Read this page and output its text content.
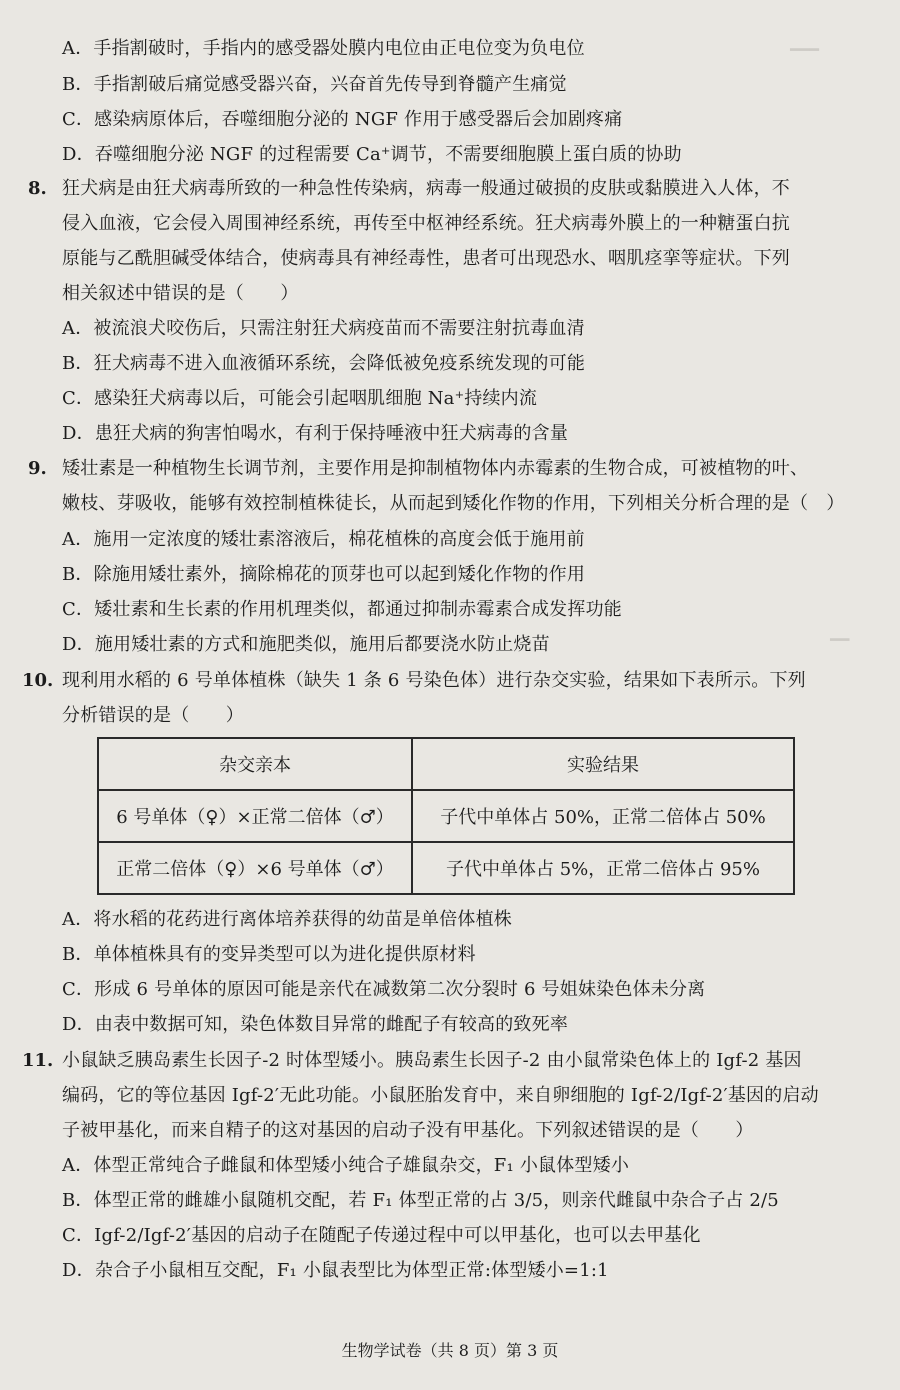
━━━
━━
A．手指割破时，手指内的感受器处膜内电位由正电位变为负电位
B．手指割破后痛觉感受器兴奋，兴奋首先传导到脊髓产生痛觉
C．感染病原体后，吞噬细胞分泌的 NGF 作用于感受器后会加剧疼痛
D．吞噬细胞分泌 NGF 的过程需要 Ca⁺调节，不需要细胞膜上蛋白质的协助
8. 狂犬病是由狂犬病毒所致的一种急性传染病，病毒一般通过破损的皮肤或黏膜进入人体，不
侵入血液，它会侵入周围神经系统，再传至中枢神经系统。狂犬病毒外膜上的一种糖蛋白抗
原能与乙酰胆碱受体结合，使病毒具有神经毒性，患者可出现恐水、咽肌痉挛等症状。下列
相关叙述中错误的是（　　）
A．被流浪犬咬伤后，只需注射狂犬病疫苗而不需要注射抗毒血清
B．狂犬病毒不进入血液循环系统，会降低被免疫系统发现的可能
C．感染狂犬病毒以后，可能会引起咽肌细胞 Na⁺持续内流
D．患狂犬病的狗害怕喝水，有利于保持唾液中狂犬病毒的含量
9. 矮壮素是一种植物生长调节剂，主要作用是抑制植物体内赤霉素的生物合成，可被植物的叶、
嫩枝、芽吸收，能够有效控制植株徒长，从而起到矮化作物的作用，下列相关分析合理的是（　）
A．施用一定浓度的矮壮素溶液后，棉花植株的高度会低于施用前
B．除施用矮壮素外，摘除棉花的顶芽也可以起到矮化作物的作用
C．矮壮素和生长素的作用机理类似，都通过抑制赤霉素合成发挥功能
D．施用矮壮素的方式和施肥类似，施用后都要浇水防止烧苗
10. 现利用水稻的 6 号单体植株（缺失 1 条 6 号染色体）进行杂交实验，结果如下表所示。下列
分析错误的是（　　）
杂交亲本	实验结果
6 号单体（♀）×正常二倍体（♂）	子代中单体占 50%，正常二倍体占 50%
正常二倍体（♀）×6 号单体（♂）	子代中单体占 5%，正常二倍体占 95%
A．将水稻的花药进行离体培养获得的幼苗是单倍体植株
B．单体植株具有的变异类型可以为进化提供原材料
C．形成 6 号单体的原因可能是亲代在减数第二次分裂时 6 号姐妹染色体未分离
D．由表中数据可知，染色体数目异常的雌配子有较高的致死率
11. 小鼠缺乏胰岛素生长因子-2 时体型矮小。胰岛素生长因子-2 由小鼠常染色体上的 Igf-2 基因
编码，它的等位基因 Igf-2′无此功能。小鼠胚胎发育中，来自卵细胞的 Igf-2/Igf-2′基因的启动
子被甲基化，而来自精子的这对基因的启动子没有甲基化。下列叙述错误的是（　　）
A．体型正常纯合子雌鼠和体型矮小纯合子雄鼠杂交，F₁ 小鼠体型矮小
B．体型正常的雌雄小鼠随机交配，若 F₁ 体型正常的占 3/5，则亲代雌鼠中杂合子占 2/5
C．Igf-2/Igf-2′基因的启动子在随配子传递过程中可以甲基化，也可以去甲基化
D．杂合子小鼠相互交配，F₁ 小鼠表型比为体型正常:体型矮小=1:1
生物学试卷（共 8 页）第 3 页
